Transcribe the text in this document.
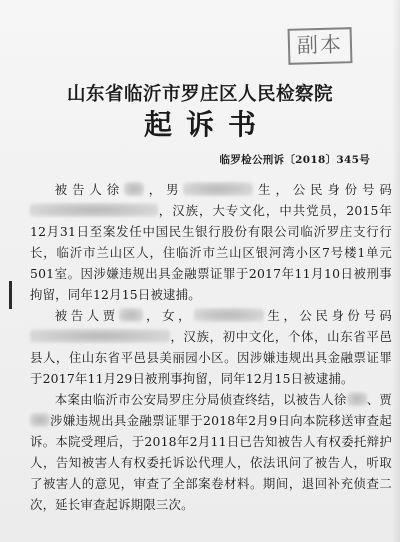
副本
山东省临沂市罗庄区人民检察院
起诉书
临罗检公刑诉〔2018〕345号

被告人徐 ，男	生，公民身份号码，汉族，大专文化，中共党员，2015年12月31日至案发任中国民生银行股份有限公司临沂罗庄支行行长，临沂市兰山区人，住临沂市兰山区银河湾小区7号楼1单元501室。因涉嫌违规出具金融票证罪于2017年11月10日被刑事拘留，同年12月15日被逮捕。

被告人贾 ，女，	生，公民身份号码，汉族，初中文化，个体，山东省平邑县人，住山东省平邑县美丽园小区。因涉嫌违规出具金融票证罪于2017年11月29日被刑事拘留，同年12月15日被逮捕。

本案由临沂市公安局罗庄分局侦查终结，以被告人徐 、贾涉嫌违规出具金融票证罪于2018年2月9日向本院移送审查起诉。本院受理后，于2018年2月11日已告知被告人有权委托辩护人，告知被害人有权委托诉讼代理人，依法讯问了被告人，听取了被害人的意见，审查了全部案卷材料。期间，退回补充侦查二次，延长审查起诉期限三次。
